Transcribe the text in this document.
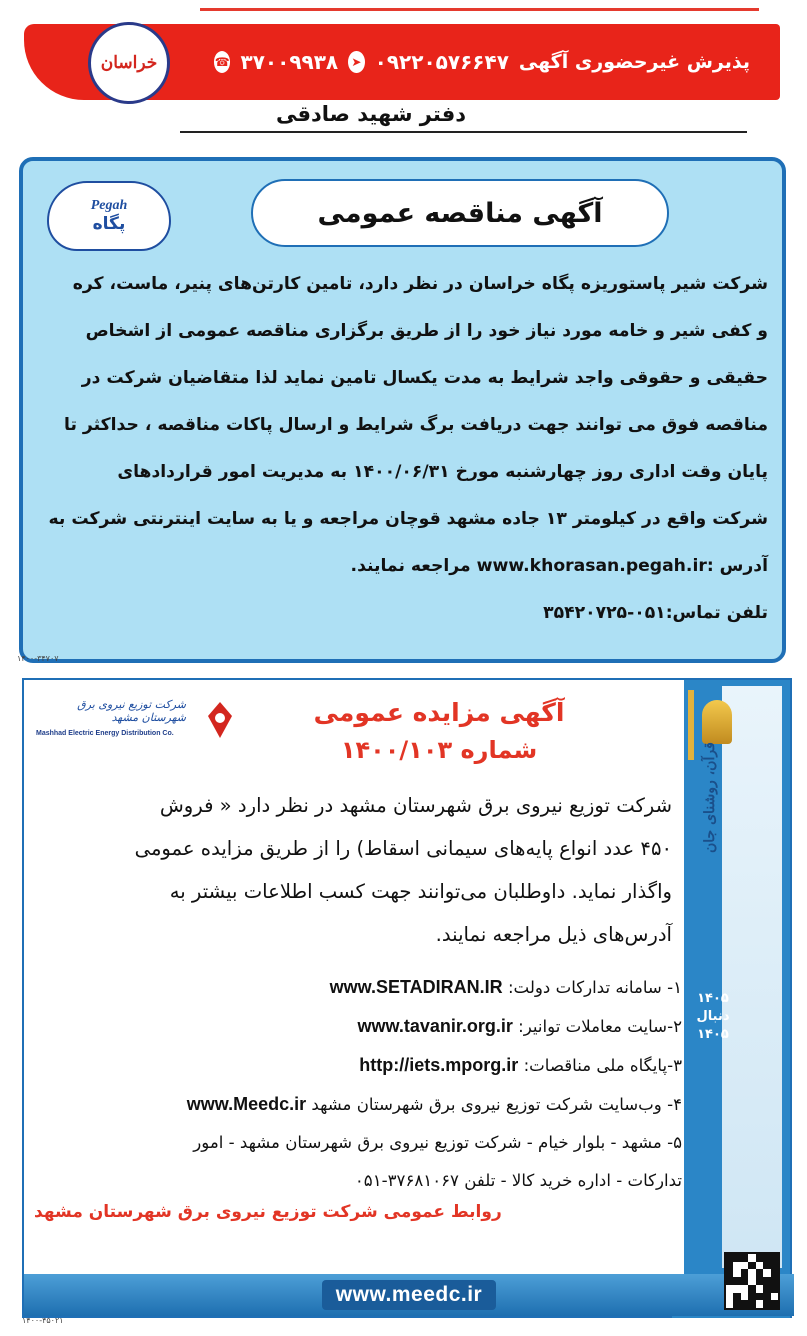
پذیرش غیرحضوری آگهی
۰۹۲۲۰۵۷۶۶۴۷
➤
۳۷۰۰۹۹۳۸
☎
خراسان
دفتر شهید صادقی
Pegah
پگاه	آگهی مناقصه عمومی

شرکت شیر پاستوریزه پگاه خراسان در نظر دارد، تامین کارتن‌های پنیر، ماست، کره

و کفی شیر و خامه مورد نیاز خود را از طریق برگزاری مناقصه عمومی از اشخاص

حقیقی و حقوقی واجد شرایط به مدت یکسال تامین نماید لذا متقاضیان شرکت در

مناقصه فوق می توانند جهت دریافت برگ شرایط و ارسال پاکات مناقصه ، حداکثر تا

پایان وقت اداری روز چهارشنبه مورخ ۱۴۰۰/۰۶/۳۱ به مدیریت امور قراردادهای

شرکت واقع در کیلومتر ۱۳ جاده مشهد قوچان مراجعه و یا به سایت اینترنتی شرکت به

آدرس :www.khorasan.pegah.ir مراجعه نمایند.

تلفن تماس:۰۵۱-۳۵۴۲۰۷۲۵

۱۴۰۰-۳۴۷۰۷
قرآن، روشنای جان
۱۴۰۵ دنبال ۱۴۰۵
شرکت توزیع نیروی برق شهرستان مشهد
Mashhad Electric Energy Distribution Co.
آگهی مزایده عمومی
شماره ۱۴۰۰/۱۰۳

شرکت توزیع نیروی برق شهرستان مشهد در نظر دارد « فروش

۴۵۰ عدد انواع پایه‌های سیمانی اسقاط) را از طریق مزایده عمومی

واگذار نماید. داوطلبان می‌توانند جهت کسب اطلاعات بیشتر به

آدرس‌های ذیل مراجعه نمایند.

۱- سامانه تدارکات دولت: www.SETADIRAN.IR

۲-سایت معاملات توانیر: www.tavanir.org.ir

۳-پایگاه ملی مناقصات: http://iets.mporg.ir

۴- وب‌سایت شرکت توزیع نیروی برق شهرستان مشهد www.Meedc.ir

۵- مشهد - بلوار خیام - شرکت توزیع نیروی برق شهرستان مشهد - امور

تدارکات - اداره خرید کالا - تلفن ۳۷۶۸۱۰۶۷-۰۵۱

روابط عمومی شرکت توزیع نیروی برق شهرستان مشهد
www.meedc.ir
۱۴۰۰-۴۵۰۲۱
